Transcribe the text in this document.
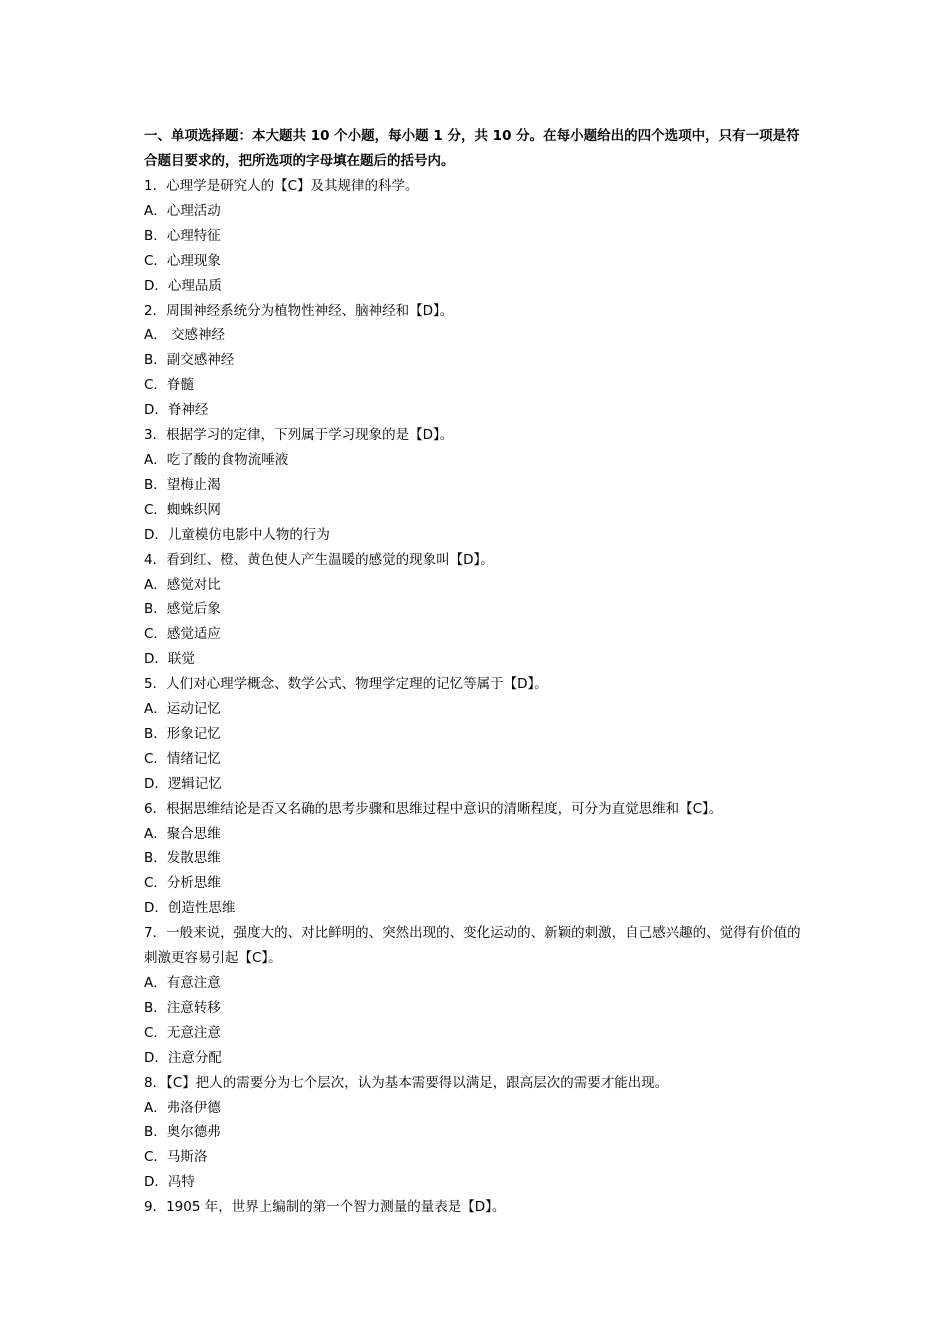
一、单项选择题：本大题共 10 个小题，每小题 1 分，共 10 分。在每小题给出的四个选项中，只有一项是符合题目要求的，把所选项的字母填在题后的括号内。

1．心理学是研究人的【C】及其规律的科学。
A．心理活动
B．心理特征
C．心理现象
D．心理品质
2．周围神经系统分为植物性神经、脑神经和【D】。
A． 交感神经
B．副交感神经
C．脊髓
D．脊神经
3．根据学习的定律，下列属于学习现象的是【D】。
A．吃了酸的食物流唾液
B．望梅止渴
C．蜘蛛织网
D．儿童模仿电影中人物的行为
4．看到红、橙、黄色使人产生温暖的感觉的现象叫【D】。
A．感觉对比
B．感觉后象
C．感觉适应
D．联觉
5．人们对心理学概念、数学公式、物理学定理的记忆等属于【D】。
A．运动记忆
B．形象记忆
C．情绪记忆
D．逻辑记忆
6．根据思维结论是否又名确的思考步骤和思维过程中意识的清晰程度，可分为直觉思维和【C】。
A．聚合思维
B．发散思维
C．分析思维
D．创造性思维
7．一般来说，强度大的、对比鲜明的、突然出现的、变化运动的、新颖的刺激，自己感兴趣的、觉得有价值的刺激更容易引起【C】。
A．有意注意
B．注意转移
C．无意注意
D．注意分配
8．【C】把人的需要分为七个层次，认为基本需要得以满足，跟高层次的需要才能出现。
A．弗洛伊德
B．奥尔德弗
C．马斯洛
D．冯特
9．1905 年，世界上编制的第一个智力测量的量表是【D】。
